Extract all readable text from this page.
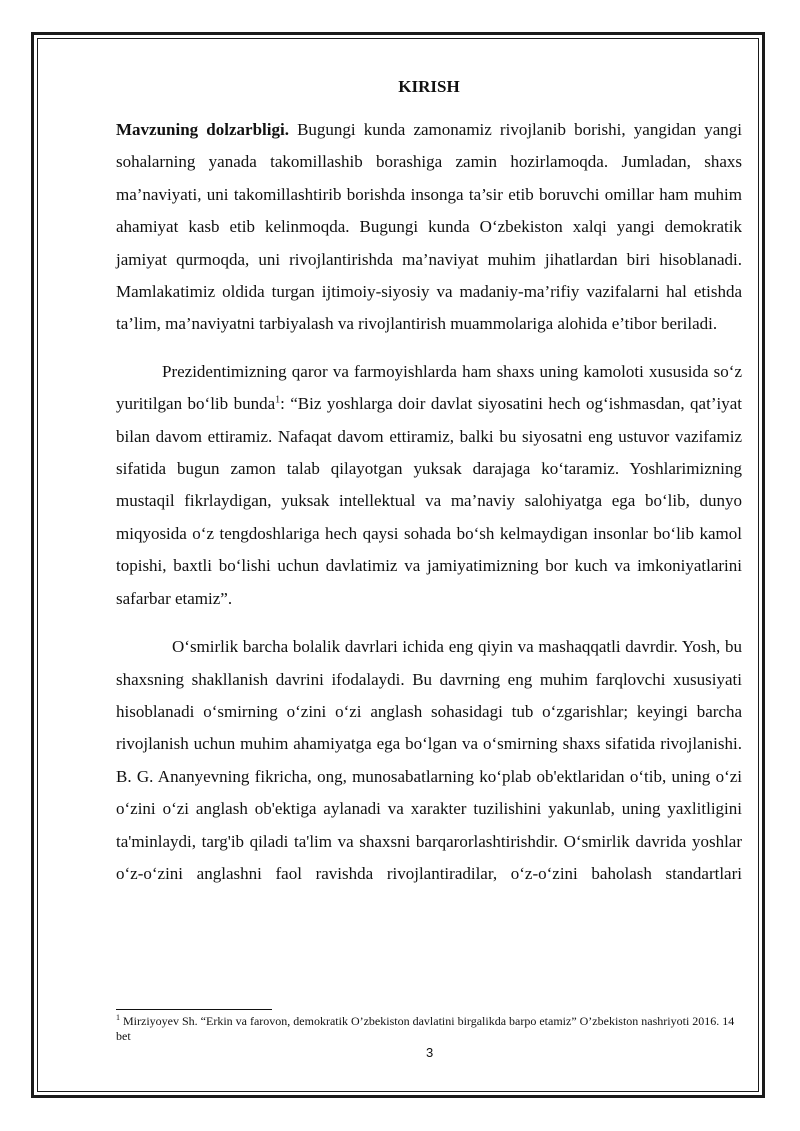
KIRISH

Mavzuning dolzarbligi. Bugungi kunda zamonamiz rivojlanib borishi, yangidan yangi sohalarning yanada takomillashib borashiga zamin hozirlamoqda. Jumladan, shaxs ma’naviyati, uni takomillashtirib borishda insonga ta’sir etib boruvchi omillar ham muhim ahamiyat kasb etib kelinmoqda. Bugungi kunda O‘zbekiston xalqi yangi demokratik jamiyat qurmoqda, uni rivojlantirishda ma’naviyat muhim jihatlardan biri hisoblanadi. Mamlakatimiz oldida turgan ijtimoiy-siyosiy va madaniy-ma’rifiy vazifalarni hal etishda ta’lim, ma’naviyatni tarbiyalash va rivojlantirish muammolariga alohida e’tibor beriladi.

Prezidentimizning qaror va farmoyishlarda ham shaxs uning kamoloti xususida so‘z yuritilgan bo‘lib bunda$^1$: “Biz yoshlarga doir davlat siyosatini hech og‘ishmasdan, qat’iyat bilan davom ettiramiz. Nafaqat davom ettiramiz, balki bu siyosatni eng ustuvor vazifamiz sifatida bugun zamon talab qilayotgan yuksak darajaga ko‘taramiz. Yoshlarimizning mustaqil fikrlaydigan, yuksak intellektual va ma’naviy salohiyatga ega bo‘lib, dunyo miqyosida o‘z tengdoshlariga hech qaysi sohada bo‘sh kelmaydigan insonlar bo‘lib kamol topishi, baxtli bo‘lishi uchun davlatimiz va jamiyatimizning bor kuch va imkoniyatlarini safarbar etamiz”.

O‘smirlik barcha bolalik davrlari ichida eng qiyin va mashaqqatli davrdir. Yosh, bu shaxsning shakllanish davrini ifodalaydi. Bu davrning eng muhim farqlovchi xususiyati hisoblanadi o‘smirning o‘zini o‘zi anglash sohasidagi tub o‘zgarishlar; keyingi barcha rivojlanish uchun muhim ahamiyatga ega bo‘lgan va o‘smirning shaxs sifatida rivojlanishi. B. G. Ananyevning fikricha, ong, munosabatlarning ko‘plab ob'ektlaridan o‘tib, uning o‘zi o‘zini o‘zi anglash ob'ektiga aylanadi va xarakter tuzilishini yakunlab, uning yaxlitligini ta'minlaydi, targ'ib qiladi ta'lim va shaxsni barqarorlashtirishdir. O‘smirlik davrida yoshlar o‘z-o‘zini anglashni faol ravishda rivojlantiradilar, o‘z-o‘zini baholash standartlari

$^1$ Mirziyoyev Sh. “Erkin va farovon, demokratik O’zbekiston davlatini birgalikda barpo etamiz” O’zbekiston nashriyoti 2016. 14 bet
3
